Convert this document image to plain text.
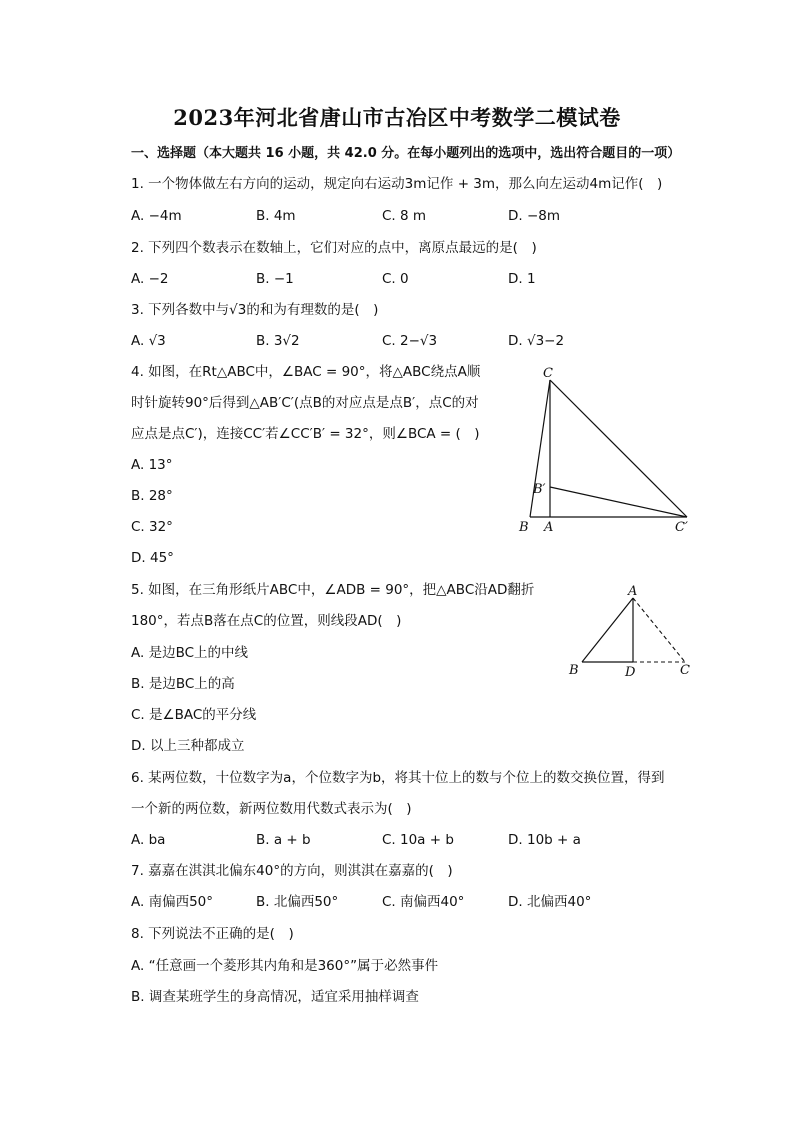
2023年河北省唐山市古冶区中考数学二模试卷
一、选择题（本大题共 16 小题，共 42.0 分。在每小题列出的选项中，选出符合题目的一项）
1. 一个物体做左右方向的运动，规定向右运动3m记作 + 3m，那么向左运动4m记作(　)
A. −4m	B. 4m	C. 8 m	D. −8m
2. 下列四个数表示在数轴上，它们对应的点中，离原点最远的是(　)
A. −2	B. −1	C. 0	D. 1
3. 下列各数中与√3的和为有理数的是(　)
A. √3	B. 3√2	C. 2−√3	D. √3−2
4. 如图，在Rt△ABC中，∠BAC = 90°，将△ABC绕点A顺
时针旋转90°后得到△AB′C′(点B的对应点是点B′，点C的对
应点是点C′)，连接CC′若∠CC′B′ = 32°，则∠BCA = (　)
A. 13°
B. 28°
C. 32°
D. 45°
C
B′
B A	C′
5. 如图，在三角形纸片ABC中，∠ADB = 90°，把△ABC沿AD翻折
180°，若点B落在点C的位置，则线段AD(　)
A. 是边BC上的中线
B. 是边BC上的高
C. 是∠BAC的平分线
D. 以上三种都成立
A
B	D	C
6. 某两位数，十位数字为a，个位数字为b，将其十位上的数与个位上的数交换位置，得到
一个新的两位数，新两位数用代数式表示为(　)
A. ba	B. a + b	C. 10a + b	D. 10b + a
7. 嘉嘉在淇淇北偏东40°的方向，则淇淇在嘉嘉的(　)
A. 南偏西50°	B. 北偏西50°	C. 南偏西40°	D. 北偏西40°
8. 下列说法不正确的是(　)
A. “任意画一个菱形其内角和是360°”属于必然事件
B. 调查某班学生的身高情况，适宜采用抽样调查
